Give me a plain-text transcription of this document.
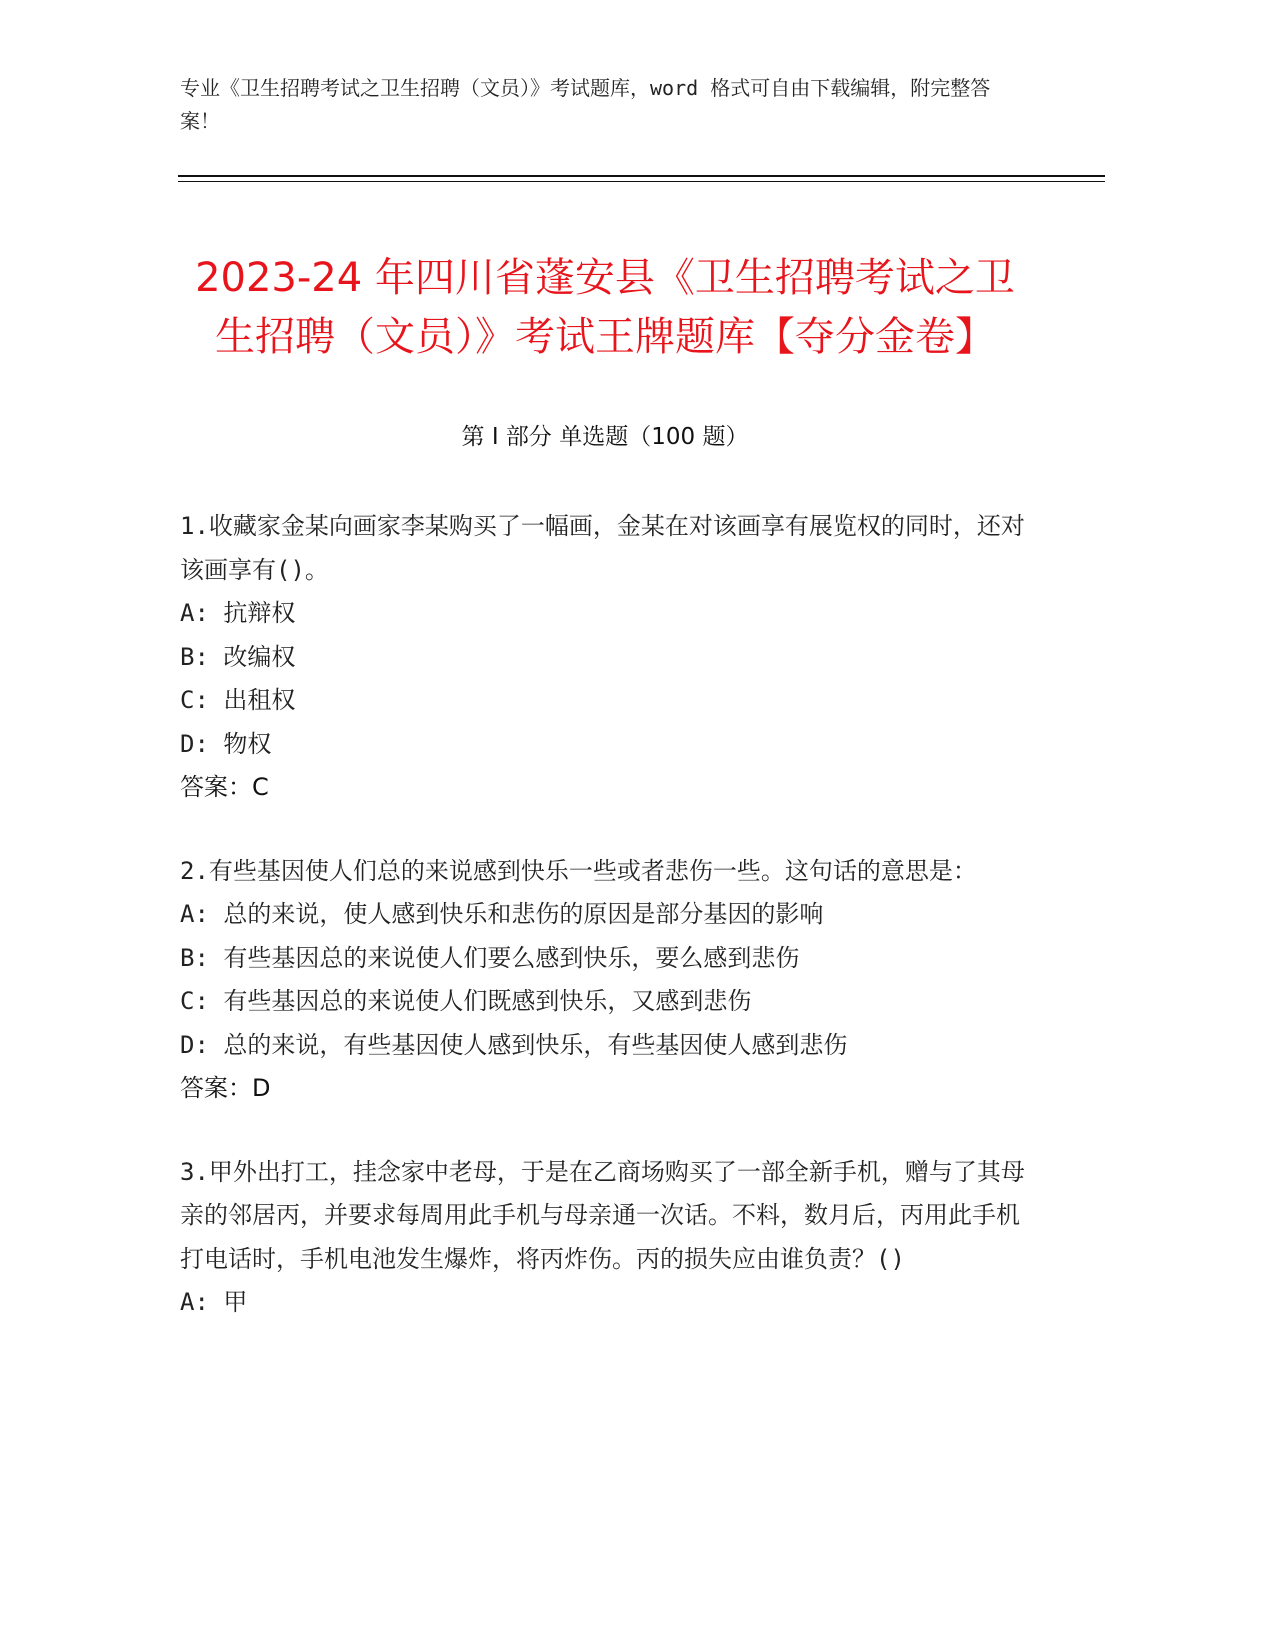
专业《卫生招聘考试之卫生招聘（文员）》考试题库，word 格式可自由下载编辑，附完整答案！
2023-24 年四川省蓬安县《卫生招聘考试之卫生招聘（文员）》考试王牌题库【夺分金卷】
第 I 部分 单选题（100 题）
1.收藏家金某向画家李某购买了一幅画，金某在对该画享有展览权的同时，还对该画享有()。
A: 抗辩权
B: 改编权
C: 出租权
D: 物权
答案：C
2.有些基因使人们总的来说感到快乐一些或者悲伤一些。这句话的意思是：
A: 总的来说，使人感到快乐和悲伤的原因是部分基因的影响
B: 有些基因总的来说使人们要么感到快乐，要么感到悲伤
C: 有些基因总的来说使人们既感到快乐，又感到悲伤
D: 总的来说，有些基因使人感到快乐，有些基因使人感到悲伤
答案：D
3.甲外出打工，挂念家中老母，于是在乙商场购买了一部全新手机，赠与了其母亲的邻居丙，并要求每周用此手机与母亲通一次话。不料，数月后，丙用此手机打电话时，手机电池发生爆炸，将丙炸伤。丙的损失应由谁负责？()
A: 甲
